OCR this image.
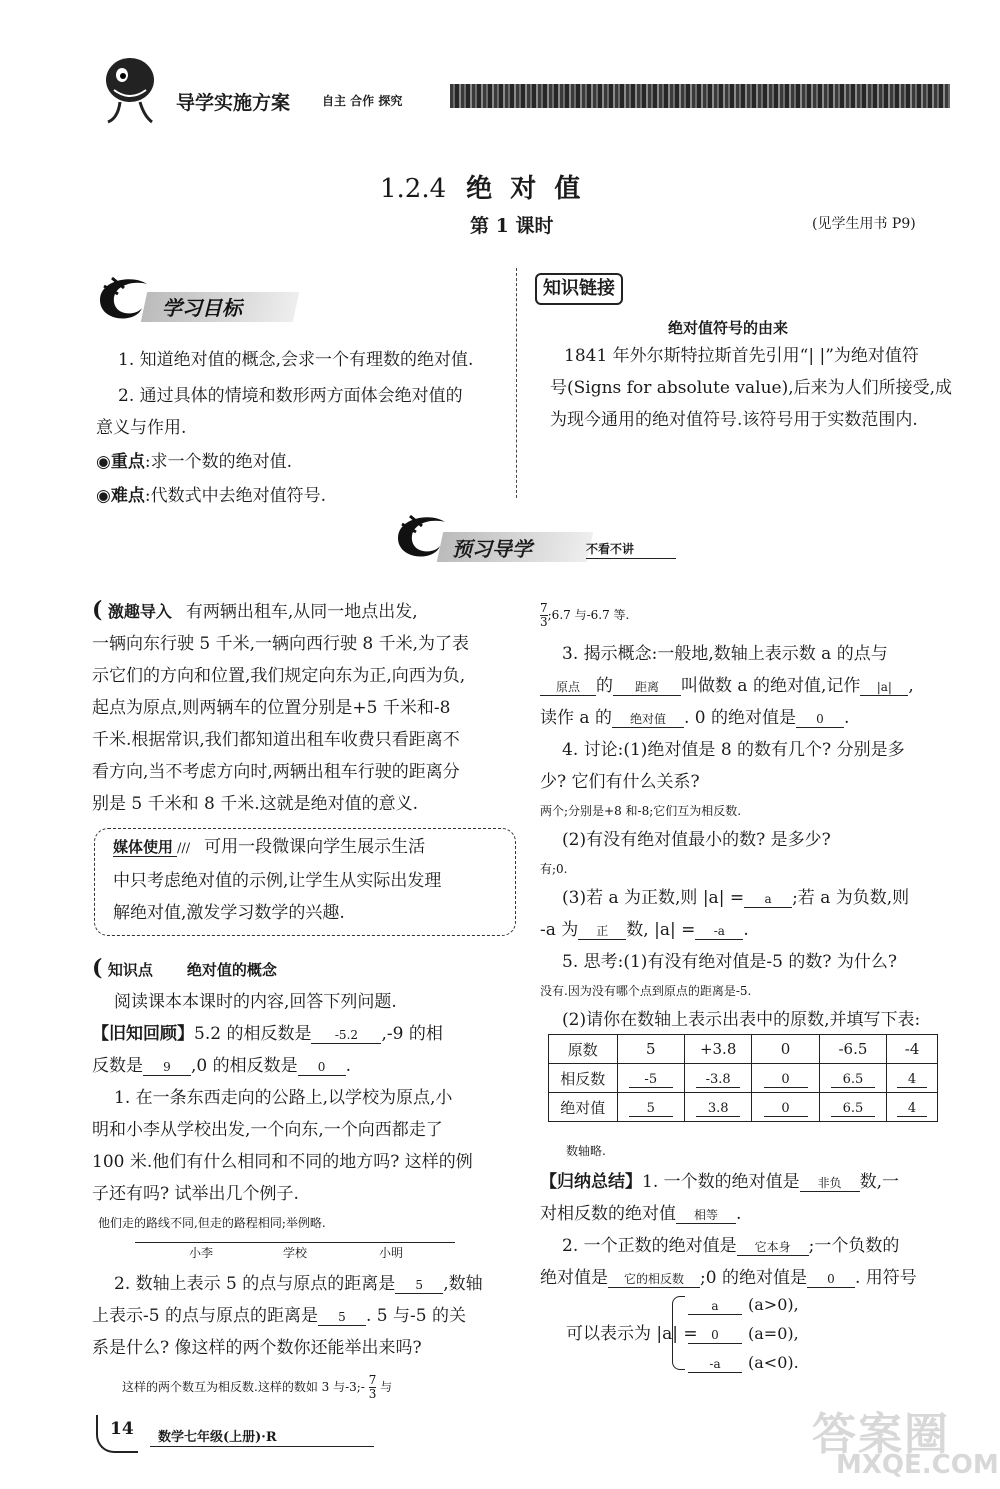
导学实施方案	自主 合作 探究
1.2.4 绝  对  值
第 1 课时	(见学生用书 P9)
学习目标
1. 知道绝对值的概念,会求一个有理数的绝对值.
2. 通过具体的情境和数形两方面体会绝对值的
意义与作用.
◉重点:求一个数的绝对值.
◉难点:代数式中去绝对值符号.
知识链接
绝对值符号的由来
1841 年外尔斯特拉斯首先引用“| |”为绝对值符
号(Signs for absolute value),后来为人们所接受,成
为现今通用的绝对值符号.该符号用于实数范围内.
预习导学	不看不讲
( 激趣导入 有两辆出租车,从同一地点出发,
一辆向东行驶 5 千米,一辆向西行驶 8 千米,为了表
示它们的方向和位置,我们规定向东为正,向西为负,
起点为原点,则两辆车的位置分别是+5 千米和-8
千米.根据常识,我们都知道出租车收费只看距离不
看方向,当不考虑方向时,两辆出租车行驶的距离分
别是 5 千米和 8 千米.这就是绝对值的意义.
媒体使用 /// 可用一段微课向学生展示生活
中只考虑绝对值的示例,让学生从实际出发理
解绝对值,激发学习数学的兴趣.
( 知识点 绝对值的概念
阅读课本本课时的内容,回答下列问题.
【旧知回顾】5.2 的相反数是 -5.2 ,-9 的相
反数是 9 ,0 的相反数是 0 .
1. 在一条东西走向的公路上,以学校为原点,小
明和小李从学校出发,一个向东,一个向西都走了
100 米.他们有什么相同和不同的地方吗? 这样的例
子还有吗? 试举出几个例子.
他们走的路线不同,但走的路程相同;举例略.
小李	学校	小明
2. 数轴上表示 5 的点与原点的距离是 5 ,数轴
上表示-5 的点与原点的距离是 5 . 5 与-5 的关
系是什么? 像这样的两个数你还能举出来吗?
这样的两个数互为相反数.这样的数如 3 与-3;- $\frac{7}{3}$ 与
$\frac{7}{3}$ ;6.7 与-6.7 等.
3. 揭示概念:一般地,数轴上表示数 a 的点与
原点 的 距离 叫做数 a 的绝对值,记作 |a| ,
读作 a 的 绝对值 . 0 的绝对值是 0 .
4. 讨论:(1)绝对值是 8 的数有几个? 分别是多
少? 它们有什么关系?
两个;分别是+8 和-8;它们互为相反数.
(2)有没有绝对值最小的数? 是多少?
有;0.
(3)若 a 为正数,则 |a| = a ;若 a 为负数,则
-a 为 正 数, |a| = -a .
5. 思考:(1)有没有绝对值是-5 的数? 为什么?
没有.因为没有哪个点到原点的距离是-5.
(2)请你在数轴上表示出表中的原数,并填写下表:
原数	5	+3.8	0	-6.5	-4
相反数	-5	-3.8	0	6.5	4
绝对值	5	3.8	0	6.5	4
数轴略.
【归纳总结】1. 一个数的绝对值是 非负 数,一
对相反数的绝对值 相等 .
2. 一个正数的绝对值是 它本身 ;一个负数的
绝对值是 它的相反数 ;0 的绝对值是 0 . 用符号
可以表示为 |a| =
a (a>0),
0 (a=0),
-a (a<0).
14 数学七年级(上册)·R	答案圈
MXQE.COM
